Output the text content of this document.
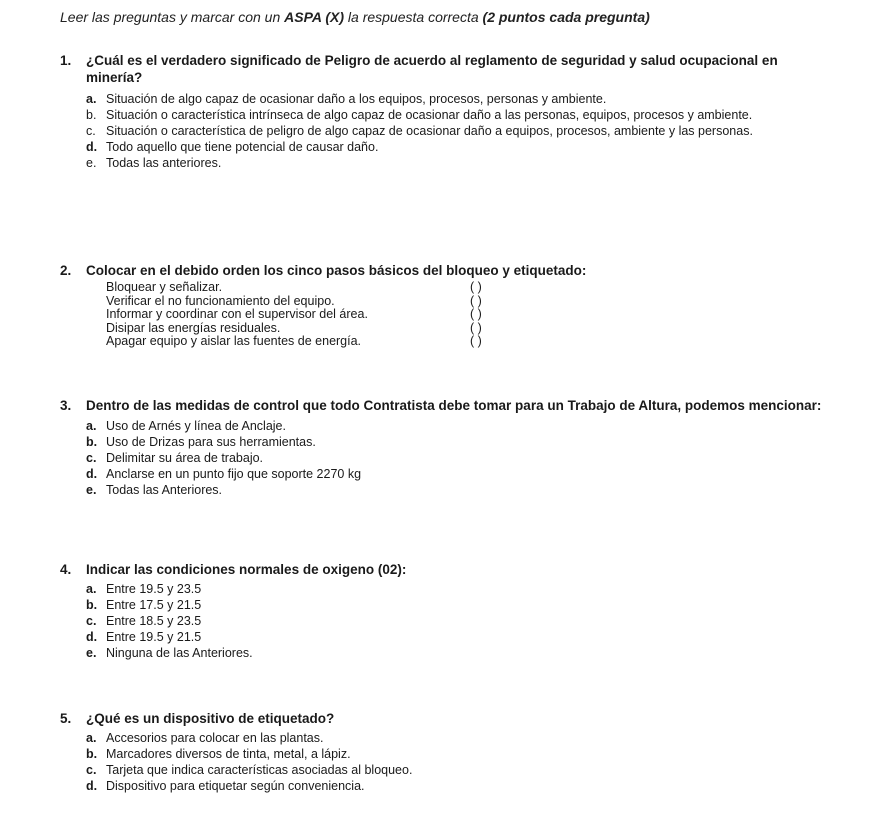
Leer las preguntas y marcar con un ASPA (X) la respuesta correcta (2 puntos cada pregunta)
1.	¿Cuál es el verdadero significado de Peligro de acuerdo al reglamento de seguridad y salud ocupacional en minería?
a. Situación de algo capaz de ocasionar daño a los equipos, procesos, personas y ambiente.
b. Situación o característica intrínseca de algo capaz de ocasionar daño a las personas, equipos, procesos y ambiente.
c. Situación o característica de peligro de algo capaz de ocasionar daño a equipos, procesos, ambiente y las personas.
d. Todo aquello que tiene potencial de causar daño.
e. Todas las anteriores.
2.	Colocar en el debido orden los cinco pasos básicos del bloqueo y etiquetado:
Bloquear y señalizar.	( )
Verificar el no funcionamiento del equipo.	( )
Informar y coordinar con el supervisor del área.	( )
Disipar las energías residuales.	( )
Apagar equipo y aislar las fuentes de energía.	( )
3.	Dentro de las medidas de control que todo Contratista debe tomar para un Trabajo de Altura, podemos mencionar:
a. Uso de Arnés y línea de Anclaje.
b. Uso de Drizas para sus herramientas.
c. Delimitar su área de trabajo.
d. Anclarse en un punto fijo que soporte 2270 kg
e. Todas las Anteriores.
4.	Indicar las condiciones normales de oxigeno (02):
a. Entre 19.5 y 23.5
b. Entre 17.5 y 21.5
c. Entre 18.5 y 23.5
d. Entre 19.5 y 21.5
e. Ninguna de las Anteriores.
5.	¿Qué es un dispositivo de etiquetado?
a. Accesorios para colocar en las plantas.
b. Marcadores diversos de tinta, metal, a lápiz.
c. Tarjeta que indica características asociadas al bloqueo.
d. Dispositivo para etiquetar según conveniencia.
